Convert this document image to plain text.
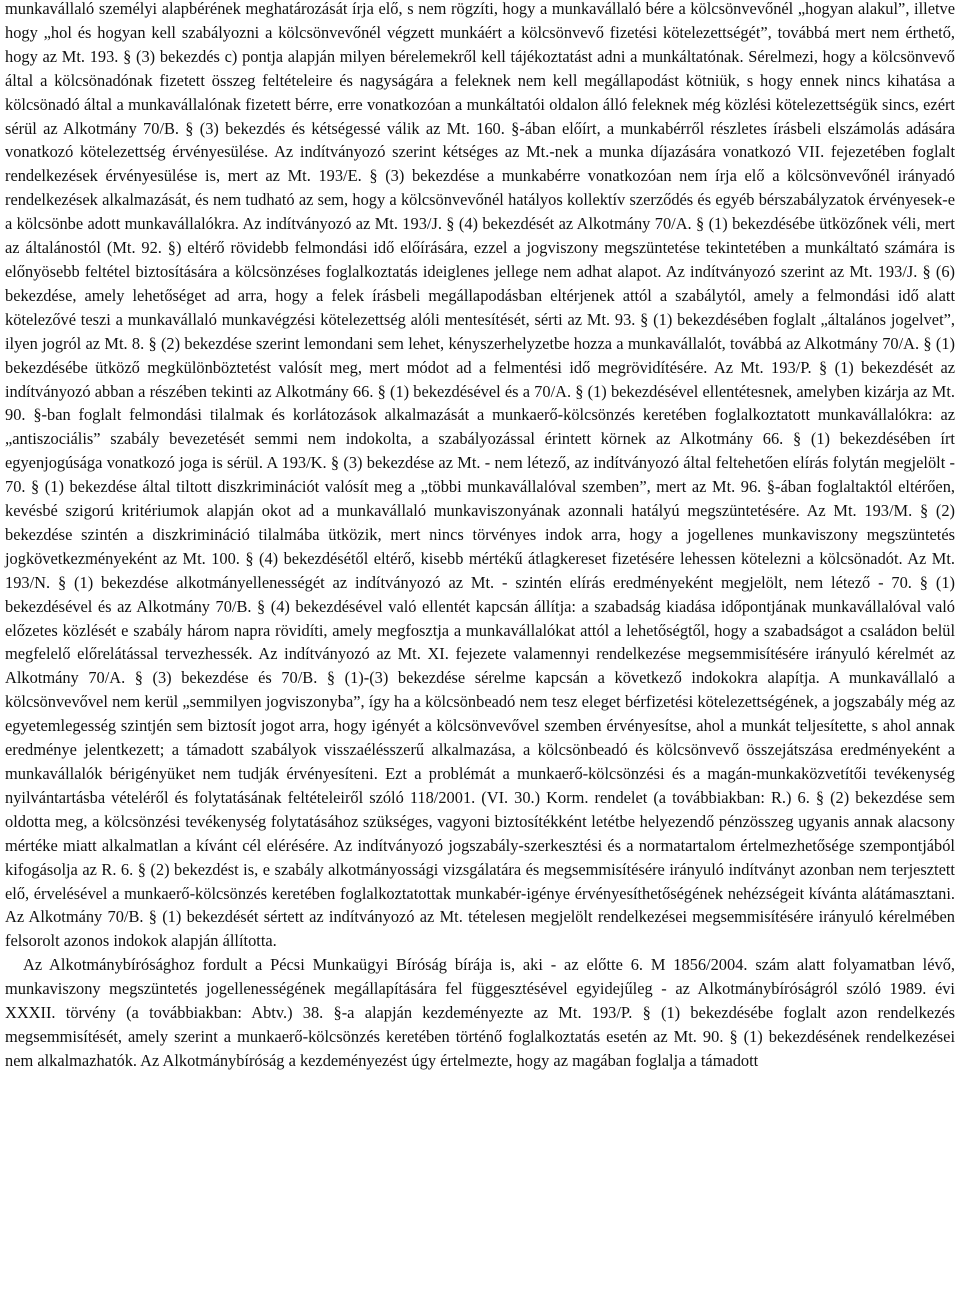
munkavállaló személyi alapbérének meghatározását írja elő, s nem rögzíti, hogy a munkavállaló bére a kölcsönvevőnél „hogyan alakul”, illetve hogy „hol és hogyan kell szabályozni a kölcsönvevőnél végzett munkáért a kölcsönvevő fizetési kötelezettségét”, továbbá mert nem érthető, hogy az Mt. 193. § (3) bekezdés c) pontja alapján milyen bérelemekről kell tájékoztatást adni a munkáltatónak. Sérelmezi, hogy a kölcsönvevő által a kölcsönadónak fizetett összeg feltételeire és nagyságára a feleknek nem kell megállapodást kötniük, s hogy ennek nincs kihatása a kölcsönadó által a munkavállalónak fizetett bérre, erre vonatkozóan a munkáltatói oldalon álló feleknek még közlési kötelezettségük sincs, ezért sérül az Alkotmány 70/B. § (3) bekezdés és kétségessé válik az Mt. 160. §-ában előírt, a munkabérről részletes írásbeli elszámolás adására vonatkozó kötelezettség érvényesülése. Az indítványozó szerint kétséges az Mt.-nek a munka díjazására vonatkozó VII. fejezetében foglalt rendelkezések érvényesülése is, mert az Mt. 193/E. § (3) bekezdése a munkabérre vonatkozóan nem írja elő a kölcsönvevőnél irányadó rendelkezések alkalmazását, és nem tudható az sem, hogy a kölcsönvevőnél hatályos kollektív szerződés és egyéb bérszabályzatok érvényesek-e a kölcsönbe adott munkavállalókra. Az indítványozó az Mt. 193/J. § (4) bekezdését az Alkotmány 70/A. § (1) bekezdésébe ütközőnek véli, mert az általánostól (Mt. 92. §) eltérő rövidebb felmondási idő előírására, ezzel a jogviszony megszüntetése tekintetében a munkáltató számára is előnyösebb feltétel biztosítására a kölcsönzéses foglalkoztatás ideiglenes jellege nem adhat alapot. Az indítványozó szerint az Mt. 193/J. § (6) bekezdése, amely lehetőséget ad arra, hogy a felek írásbeli megállapodásban eltérjenek attól a szabálytól, amely a felmondási idő alatt kötelezővé teszi a munkavállaló munkavégzési kötelezettség alóli mentesítését, sérti az Mt. 93. § (1) bekezdésében foglalt „általános jogelvet”, ilyen jogról az Mt. 8. § (2) bekezdése szerint lemondani sem lehet, kényszerhelyzetbe hozza a munkavállalót, továbbá az Alkotmány 70/A. § (1) bekezdésébe ütköző megkülönböztetést valósít meg, mert módot ad a felmentési idő megrövidítésére. Az Mt. 193/P. § (1) bekezdését az indítványozó abban a részében tekinti az Alkotmány 66. § (1) bekezdésével és a 70/A. § (1) bekezdésével ellentétesnek, amelyben kizárja az Mt. 90. §-ban foglalt felmondási tilalmak és korlátozások alkalmazását a munkaerő-kölcsönzés keretében foglalkoztatott munkavállalókra: az „antiszociális” szabály bevezetését semmi nem indokolta, a szabályozással érintett körnek az Alkotmány 66. § (1) bekezdésében írt egyenjogúsága vonatkozó joga is sérül. A 193/K. § (3) bekezdése az Mt. - nem létező, az indítványozó által feltehetően elírás folytán megjelölt - 70. § (1) bekezdése által tiltott diszkriminációt valósít meg a „többi munkavállalóval szemben”, mert az Mt. 96. §-ában foglaltaktól eltérően, kevésbé szigorú kritériumok alapján okot ad a munkavállaló munkaviszonyának azonnali hatályú megszüntetésére. Az Mt. 193/M. § (2) bekezdése szintén a diszkrimináció tilalmába ütközik, mert nincs törvényes indok arra, hogy a jogellenes munkaviszony megszüntetés jogkövetkezményeként az Mt. 100. § (4) bekezdésétől eltérő, kisebb mértékű átlagkereset fizetésére lehessen kötelezni a kölcsönadót. Az Mt. 193/N. § (1) bekezdése alkotmányellenességét az indítványozó az Mt. - szintén elírás eredményeként megjelölt, nem létező - 70. § (1) bekezdésével és az Alkotmány 70/B. § (4) bekezdésével való ellentét kapcsán állítja: a szabadság kiadása időpontjának munkavállalóval való előzetes közlését e szabály három napra rövidíti, amely megfosztja a munkavállalókat attól a lehetőségtől, hogy a szabadságot a családon belül megfelelő előrelátással tervezhessék. Az indítványozó az Mt. XI. fejezete valamennyi rendelkezése megsemmisítésére irányuló kérelmét az Alkotmány 70/A. § (3) bekezdése és 70/B. § (1)-(3) bekezdése sérelme kapcsán a következő indokokra alapítja. A munkavállaló a kölcsönvevővel nem kerül „semmilyen jogviszonyba”, így ha a kölcsönbeadó nem tesz eleget bérfizetési kötelezettségének, a jogszabály még az egyetemlegesség szintjén sem biztosít jogot arra, hogy igényét a kölcsönvevővel szemben érvényesítse, ahol a munkát teljesítette, s ahol annak eredménye jelentkezett; a támadott szabályok visszaélésszerű alkalmazása, a kölcsönbeadó és kölcsönvevő összejátszása eredményeként a munkavállalók bérigényüket nem tudják érvényesíteni. Ezt a problémát a munkaerő-kölcsönzési és a magán-munkaközvetítői tevékenység nyilvántartásba vételéről és folytatásának feltételeiről szóló 118/2001. (VI. 30.) Korm. rendelet (a továbbiakban: R.) 6. § (2) bekezdése sem oldotta meg, a kölcsönzési tevékenység folytatásához szükséges, vagyoni biztosítékként letétbe helyezendő pénzösszeg ugyanis annak alacsony mértéke miatt alkalmatlan a kívánt cél elérésére. Az indítványozó jogszabály-szerkesztési és a normatartalom értelmezhetősége szempontjából kifogásolja az R. 6. § (2) bekezdést is, e szabály alkotmányossági vizsgálatára és megsemmisítésére irányuló indítványt azonban nem terjesztett elő, érvelésével a munkaerő-kölcsönzés keretében foglalkoztatottak munkabér-igénye érvényesíthetőségének nehézségeit kívánta alátámasztani. Az Alkotmány 70/B. § (1) bekezdését sértett az indítványozó az Mt. tételesen megjelölt rendelkezései megsemmisítésére irányuló kérelmében felsorolt azonos indokok alapján állította.

Az Alkotmánybírósághoz fordult a Pécsi Munkaügyi Bíróság bírája is, aki - az előtte 6. M 1856/2004. szám alatt folyamatban lévő, munkaviszony megszüntetés jogellenességének megállapítására fel függesztésével egyidejűleg - az Alkotmánybíróságról szóló 1989. évi XXXII. törvény (a továbbiakban: Abtv.) 38. §-a alapján kezdeményezte az Mt. 193/P. § (1) bekezdésébe foglalt azon rendelkezés megsemmisítését, amely szerint a munkaerő-kölcsönzés keretében történő foglalkoztatás esetén az Mt. 90. § (1) bekezdésének rendelkezései nem alkalmazhatók. Az Alkotmánybíróság a kezdeményezést úgy értelmezte, hogy az magában foglalja a támadott
